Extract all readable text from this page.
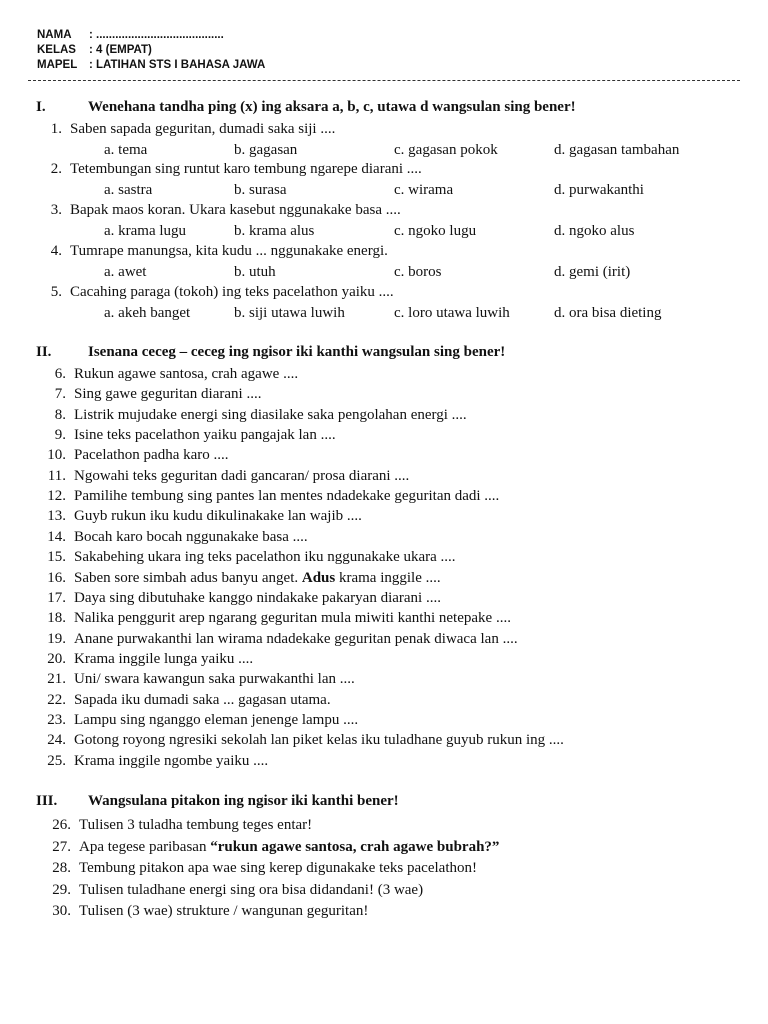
NAMA	: ........................................
KELAS	: 4 (EMPAT)
MAPEL	: LATIHAN STS I BAHASA JAWA
I.	Wenehana tandha ping (x) ing aksara a, b, c, utawa d wangsulan sing bener!
1. Saben sapada geguritan, dumadi saka siji ....
a. tema	b. gagasan	c. gagasan pokok	d. gagasan tambahan
2. Tetembungan sing runtut karo tembung ngarepe diarani ....
a. sastra	b. surasa	c. wirama	d. purwakanthi
3. Bapak maos koran. Ukara kasebut nggunakake basa ....
a. krama lugu	b. krama alus	c. ngoko lugu	d. ngoko alus
4. Tumrape manungsa, kita kudu ... nggunakake energi.
a. awet	b. utuh	c. boros	d. gemi (irit)
5. Cacahing paraga (tokoh) ing teks pacelathon yaiku ....
a. akeh banget	b. siji utawa luwih	c. loro utawa luwih	d. ora bisa dieting
II. Isenana ceceg – ceceg ing ngisor iki kanthi wangsulan sing bener!
6. Rukun agawe santosa, crah agawe ....
7. Sing gawe geguritan diarani ....
8. Listrik mujudake energi sing diasilake saka pengolahan energi ....
9. Isine teks pacelathon yaiku pangajak lan ....
10. Pacelathon padha karo ....
11. Ngowahi teks geguritan dadi gancaran/ prosa diarani ....
12. Pamilihe tembung sing pantes lan mentes ndadekake geguritan dadi ....
13. Guyb rukun iku kudu dikulinakake lan wajib ....
14. Bocah karo bocah nggunakake basa ....
15. Sakabehing ukara ing teks pacelathon iku nggunakake ukara ....
16. Saben sore simbah adus banyu anget. Adus krama inggile ....
17. Daya sing dibutuhake kanggo nindakake pakaryan diarani ....
18. Nalika penggurit arep ngarang geguritan mula miwiti kanthi netepake ....
19. Anane purwakanthi lan wirama ndadekake geguritan penak diwaca lan ....
20. Krama inggile lunga yaiku ....
21. Uni/ swara kawangun saka purwakanthi lan ....
22. Sapada iku dumadi saka ... gagasan utama.
23. Lampu sing nganggo eleman jenenge lampu ....
24. Gotong royong ngresiki sekolah lan piket kelas iku tuladhane guyub rukun ing ....
25. Krama inggile ngombe yaiku ....
III. Wangsulana pitakon ing ngisor iki kanthi bener!
26. Tulisen 3 tuladha tembung teges entar!
27. Apa tegese paribasan “rukun agawe santosa, crah agawe bubrah?”
28. Tembung pitakon apa wae sing kerep digunakake teks pacelathon!
29. Tulisen tuladhane energi sing ora bisa didandani! (3 wae)
30. Tulisen (3 wae) strukture / wangunan geguritan!
